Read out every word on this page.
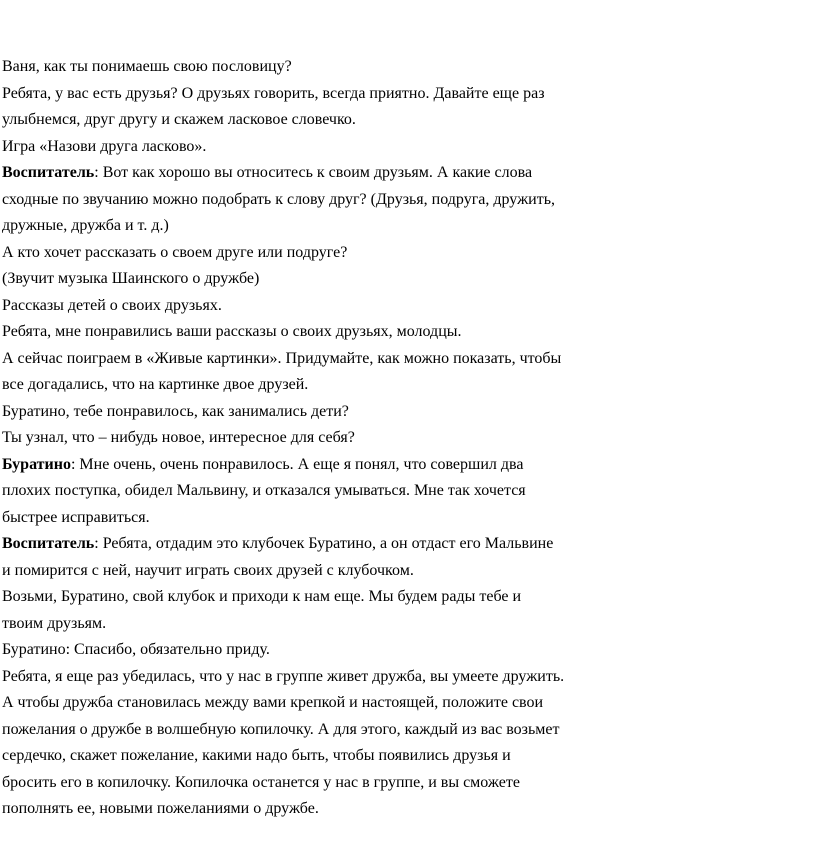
Ваня, как ты понимаешь свою пословицу?
Ребята, у вас есть друзья? О друзьях говорить, всегда приятно. Давайте еще раз
улыбнемся, друг другу и скажем ласковое словечко.
Игра «Назови друга ласково».
Воспитатель: Вот как хорошо вы относитесь к своим друзьям. А какие слова
сходные по звучанию можно подобрать к слову друг? (Друзья, подруга, дружить,
дружные, дружба и т. д.)
А кто хочет рассказать о своем друге или подруге?
(Звучит музыка Шаинского о дружбе)
Рассказы детей о своих друзьях.
Ребята, мне понравились ваши рассказы о своих друзьях, молодцы.
А сейчас поиграем в «Живые картинки». Придумайте, как можно показать, чтобы
все догадались, что на картинке двое друзей.
Буратино, тебе понравилось, как занимались дети?
Ты узнал, что – нибудь новое, интересное для себя?
Буратино: Мне очень, очень понравилось. А еще я понял, что совершил два
плохих поступка, обидел Мальвину, и отказался умываться. Мне так хочется
быстрее исправиться.
Воспитатель: Ребята, отдадим это клубочек Буратино, а он отдаст его Мальвине
и помирится с ней, научит играть своих друзей с клубочком.
Возьми, Буратино, свой клубок и приходи к нам еще. Мы будем рады тебе и
твоим друзьям.
Буратино: Спасибо, обязательно приду.
Ребята, я еще раз убедилась, что у нас в группе живет дружба, вы умеете дружить.
А чтобы дружба становилась между вами крепкой и настоящей, положите свои
пожелания о дружбе в волшебную копилочку. А для этого, каждый из вас возьмет
сердечко, скажет пожелание, какими надо быть, чтобы появились друзья и
бросить его в копилочку. Копилочка останется у нас в группе, и вы сможете
пополнять ее, новыми пожеланиями о дружбе.
